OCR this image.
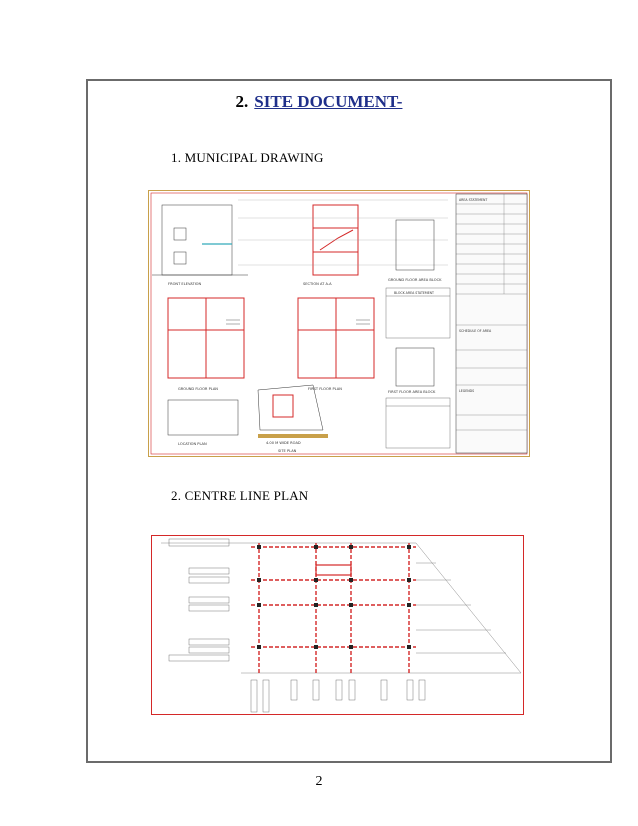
2. SITE DOCUMENT-
1. MUNICIPAL DRAWING
AREA STATEMENT
SCHEDULE OF AREA
LEGENDS
FRONT ELEVATION	SECTION AT A-A
GROUND FLOOR AREA BLOCK
FIRST FLOOR AREA BLOCK
GROUND FLOOR PLAN	FIRST FLOOR PLAN
BLOCK AREA STATEMENT
4.00 M WIDE ROAD
SITE PLAN
LOCATION PLAN
2. CENTRE LINE PLAN
2
